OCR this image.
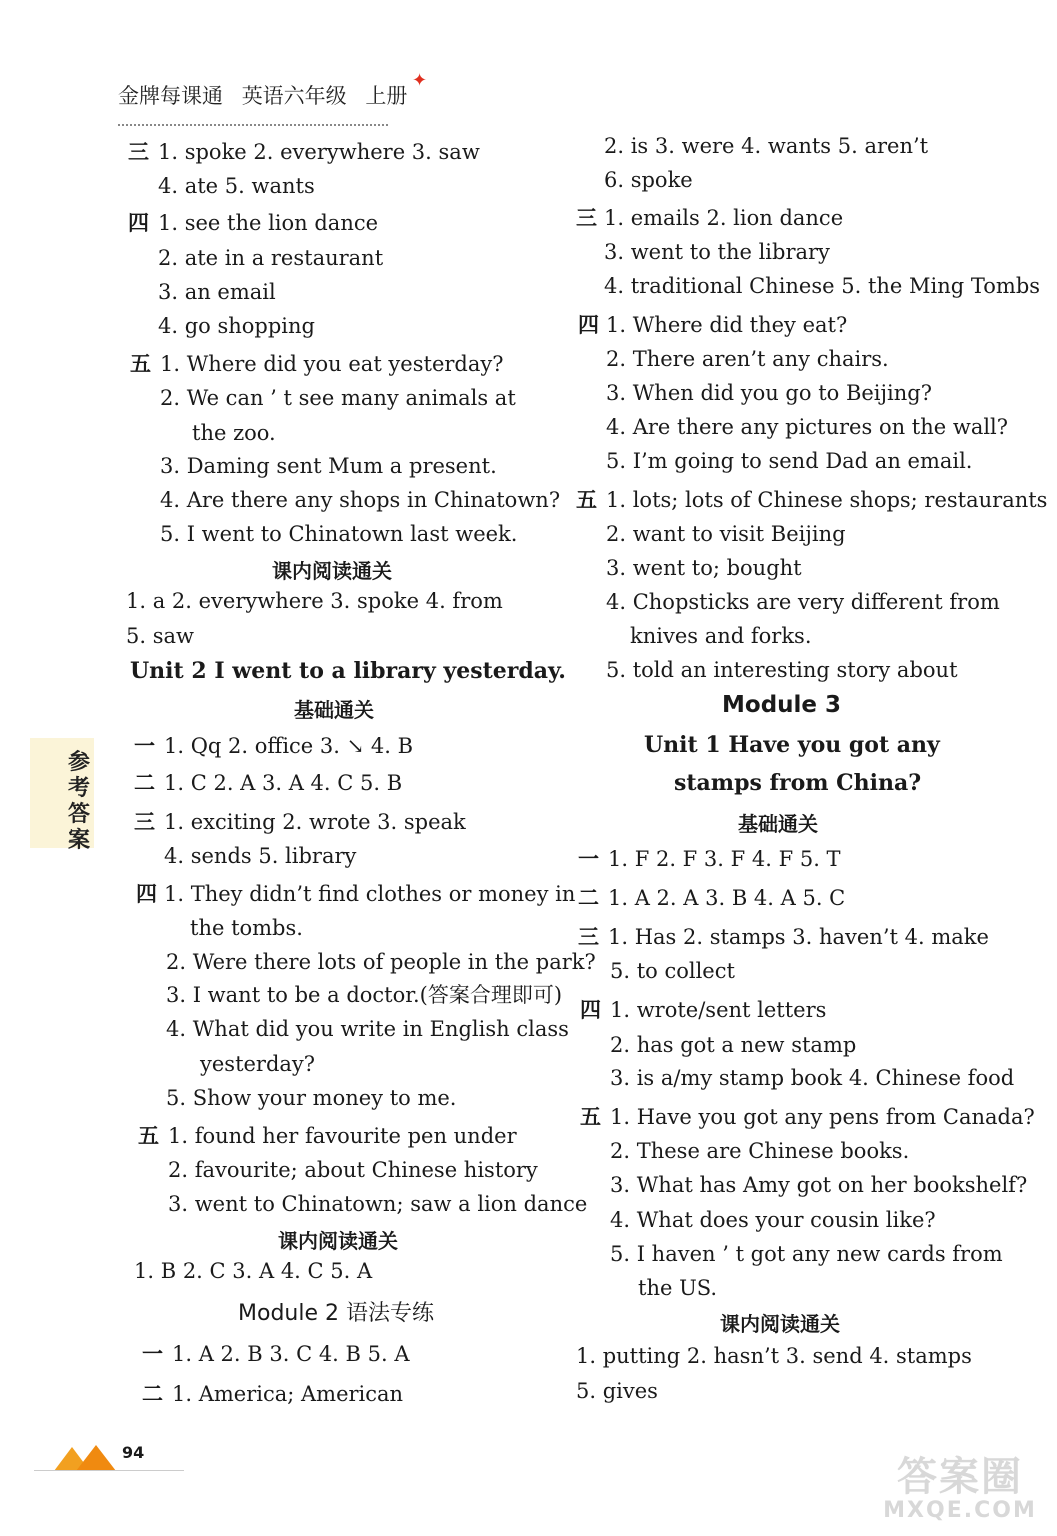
金牌每课通 英语六年级 上册
✦
三 1. spoke 2. everywhere 3. saw
4. ate 5. wants
四 1. see the lion dance
2. ate in a restaurant
3. an email
4. go shopping
五 1. Where did you eat yesterday?
2. We can ’ t see many animals at
the zoo.
3. Daming sent Mum a present.
4. Are there any shops in Chinatown?
5. I went to Chinatown last week.
课内阅读通关
1. a 2. everywhere 3. spoke 4. from
5. saw
Unit 2 I went to a library yesterday.
基础通关
一 1. Qq 2. office 3. ↘ 4. B
二 1. C 2. A 3. A 4. C 5. B
三 1. exciting 2. wrote 3. speak
4. sends 5. library
四 1. They didn’t find clothes or money in
the tombs.
2. Were there lots of people in the park?
3. I want to be a doctor.(答案合理即可)
4. What did you write in English class
yesterday?
5. Show your money to me.
五 1. found her favourite pen under
2. favourite; about Chinese history
3. went to Chinatown; saw a lion dance
课内阅读通关
1. B 2. C 3. A 4. C 5. A
Module 2 语法专练
一 1. A 2. B 3. C 4. B 5. A
二 1. America; American
2. is 3. were 4. wants 5. aren’t
6. spoke
三 1. emails 2. lion dance
3. went to the library
4. traditional Chinese 5. the Ming Tombs
四 1. Where did they eat?
2. There aren’t any chairs.
3. When did you go to Beijing?
4. Are there any pictures on the wall?
5. I’m going to send Dad an email.
五 1. lots; lots of Chinese shops; restaurants
2. want to visit Beijing
3. went to; bought
4. Chopsticks are very different from
knives and forks.
5. told an interesting story about
Module 3
Unit 1 Have you got any
stamps from China?
基础通关
一 1. F 2. F 3. F 4. F 5. T
二 1. A 2. A 3. B 4. A 5. C
三 1. Has 2. stamps 3. haven’t 4. make
5. to collect
四 1. wrote/sent letters
2. has got a new stamp
3. is a/my stamp book 4. Chinese food
五 1. Have you got any pens from Canada?
2. These are Chinese books.
3. What has Amy got on her bookshelf?
4. What does your cousin like?
5. I haven ’ t got any new cards from
the US.
课内阅读通关
1. putting 2. hasn’t 3. send 4. stamps
5. gives
参考答案
94
答案圈
MXQE.COM
